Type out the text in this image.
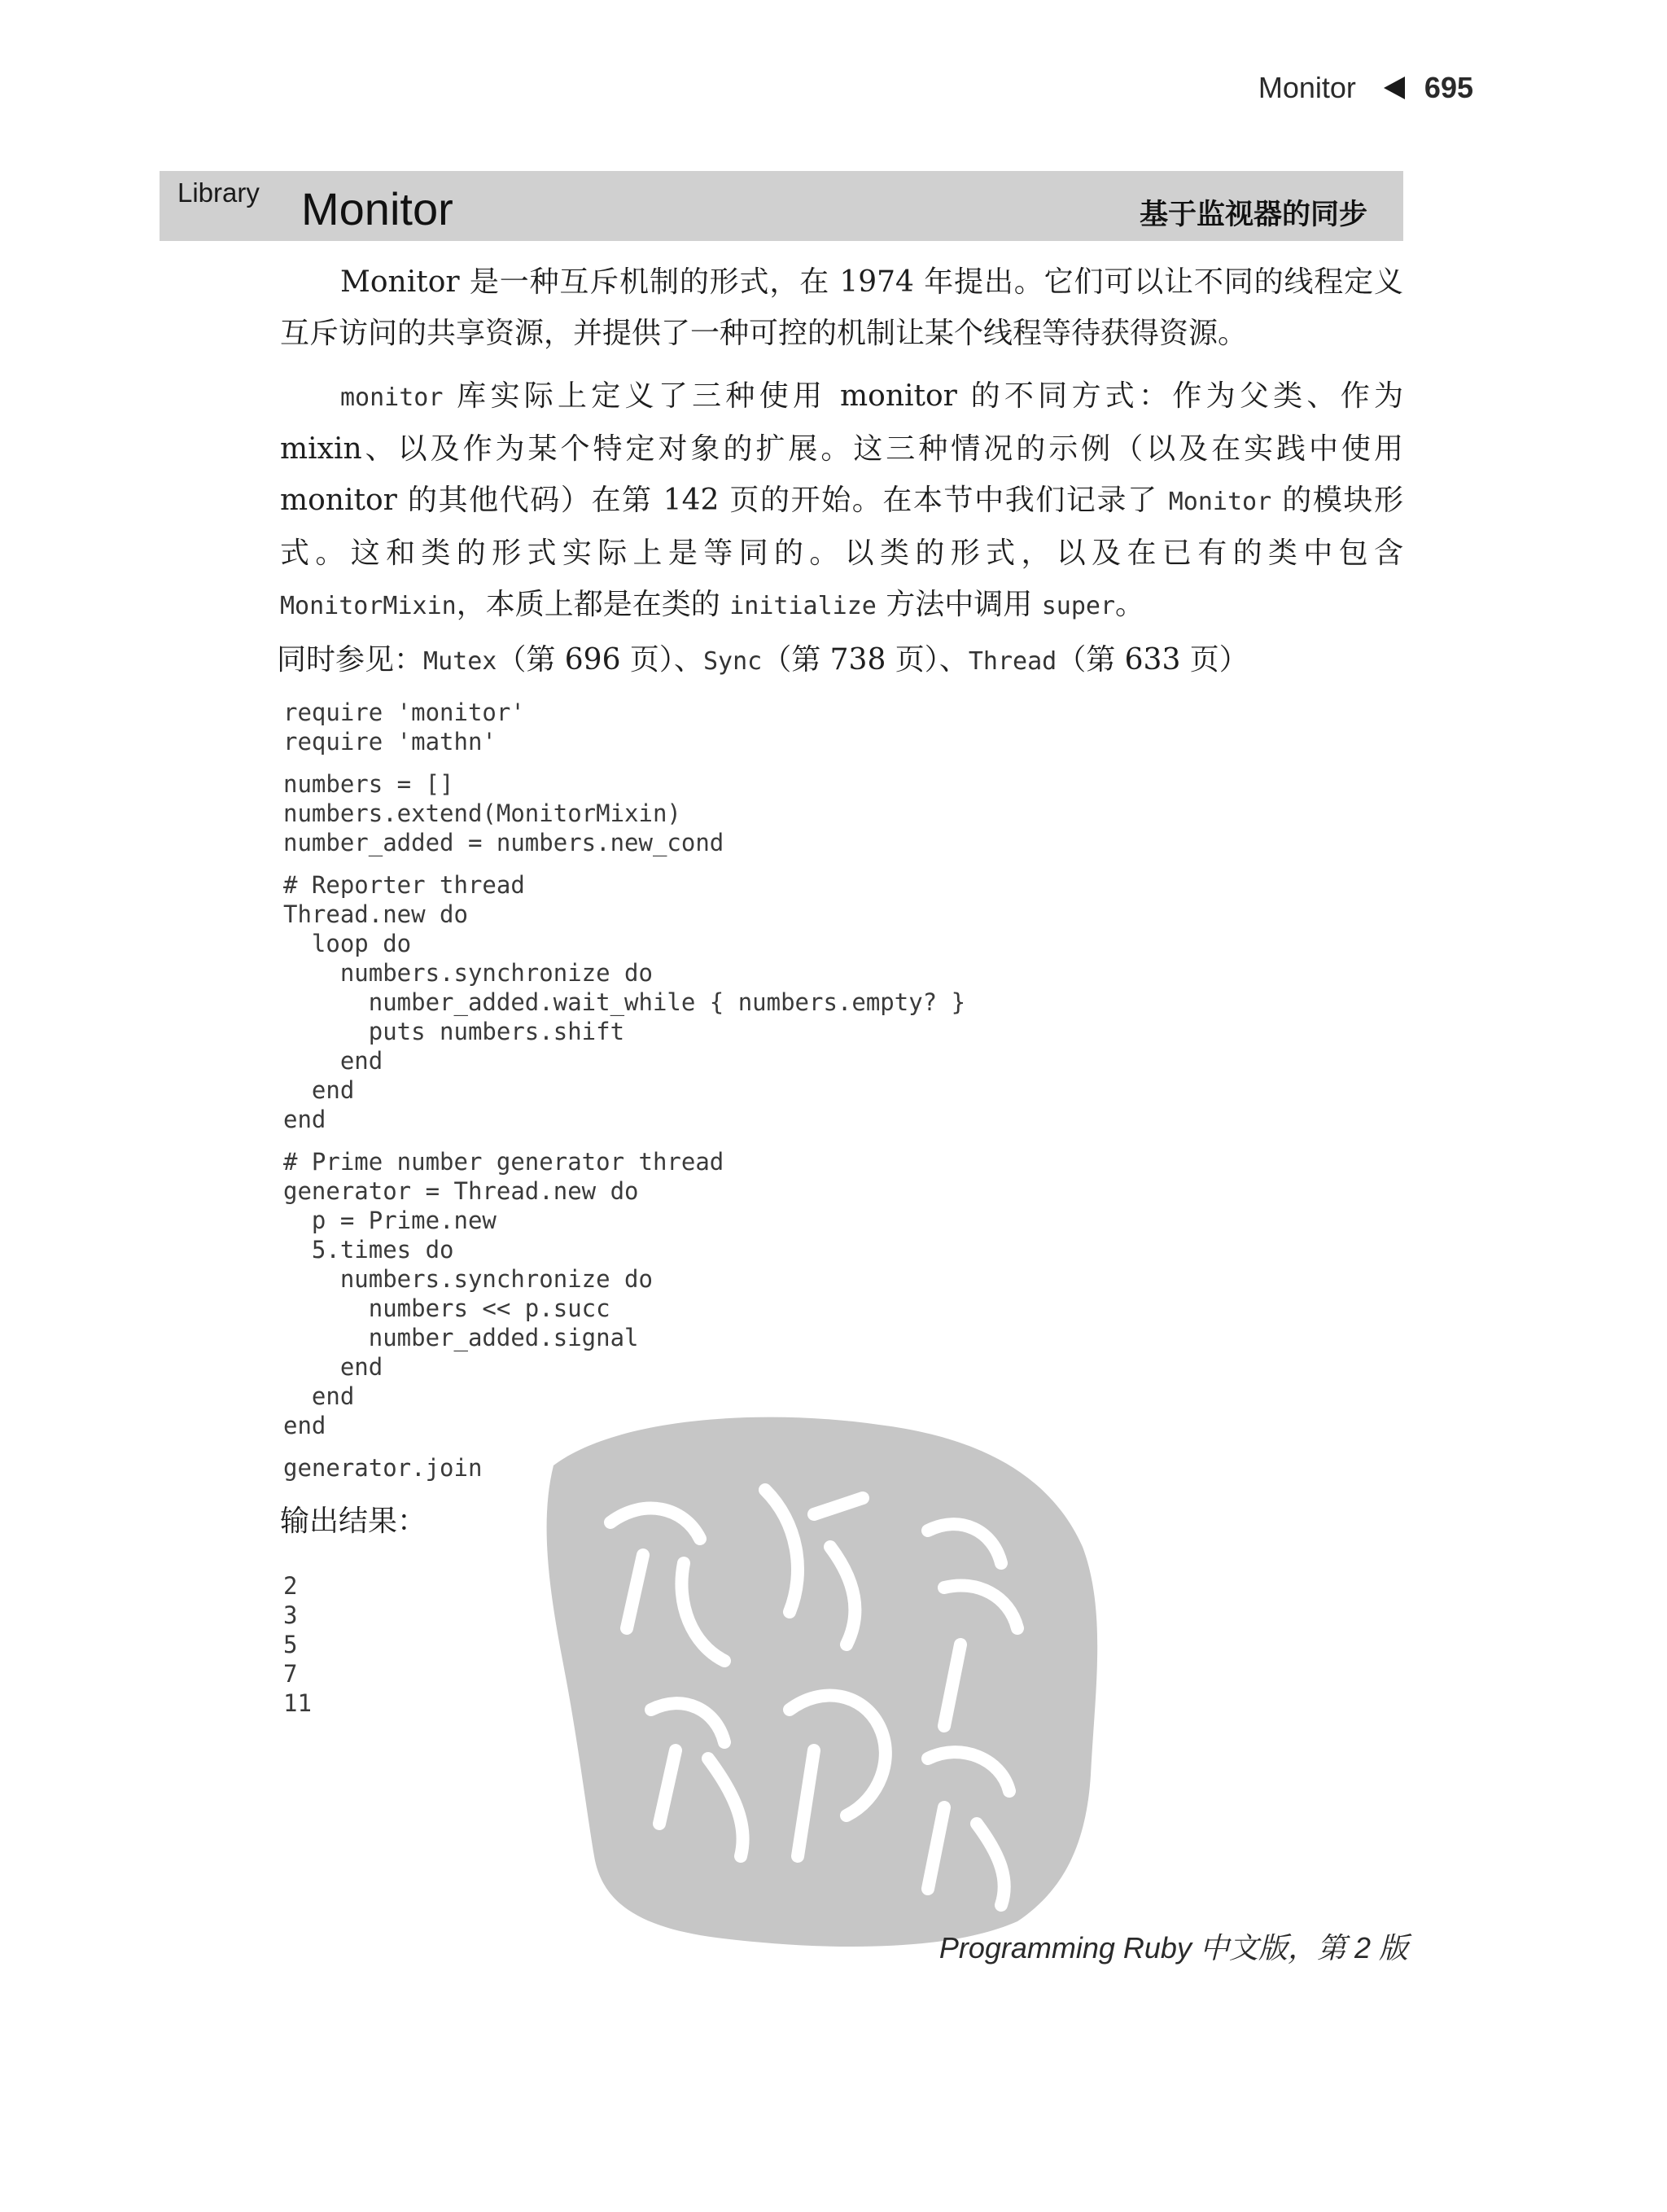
Monitor 695
Library Monitor	基于监视器的同步

Monitor 是一种互斥机制的形式，在 1974 年提出。它们可以让不同的线程定义互斥访问的共享资源，并提供了一种可控的机制让某个线程等待获得资源。

monitor 库实际上定义了三种使用 monitor 的不同方式：作为父类、作为 mixin、以及作为某个特定对象的扩展。这三种情况的示例（以及在实践中使用 monitor 的其他代码）在第 142 页的开始。在本节中我们记录了 Monitor 的模块形式。这和类的形式实际上是等同的。以类的形式，以及在已有的类中包含 MonitorMixin，本质上都是在类的 initialize 方法中调用 super。

同时参见：Mutex（第 696 页）、Sync（第 738 页）、Thread（第 633 页）
require 'monitor'
require 'mathn'
numbers = []
numbers.extend(MonitorMixin)
number_added = numbers.new_cond
# Reporter thread
Thread.new do
loop do
numbers.synchronize do
number_added.wait_while { numbers.empty? }
puts numbers.shift
end
end
end
# Prime number generator thread
generator = Thread.new do
p = Prime.new
5.times do
numbers.synchronize do
numbers << p.succ
number_added.signal
end
end
end
generator.join
输出结果：
2
3
5
7
11
Programming Ruby 中文版，第 2 版
